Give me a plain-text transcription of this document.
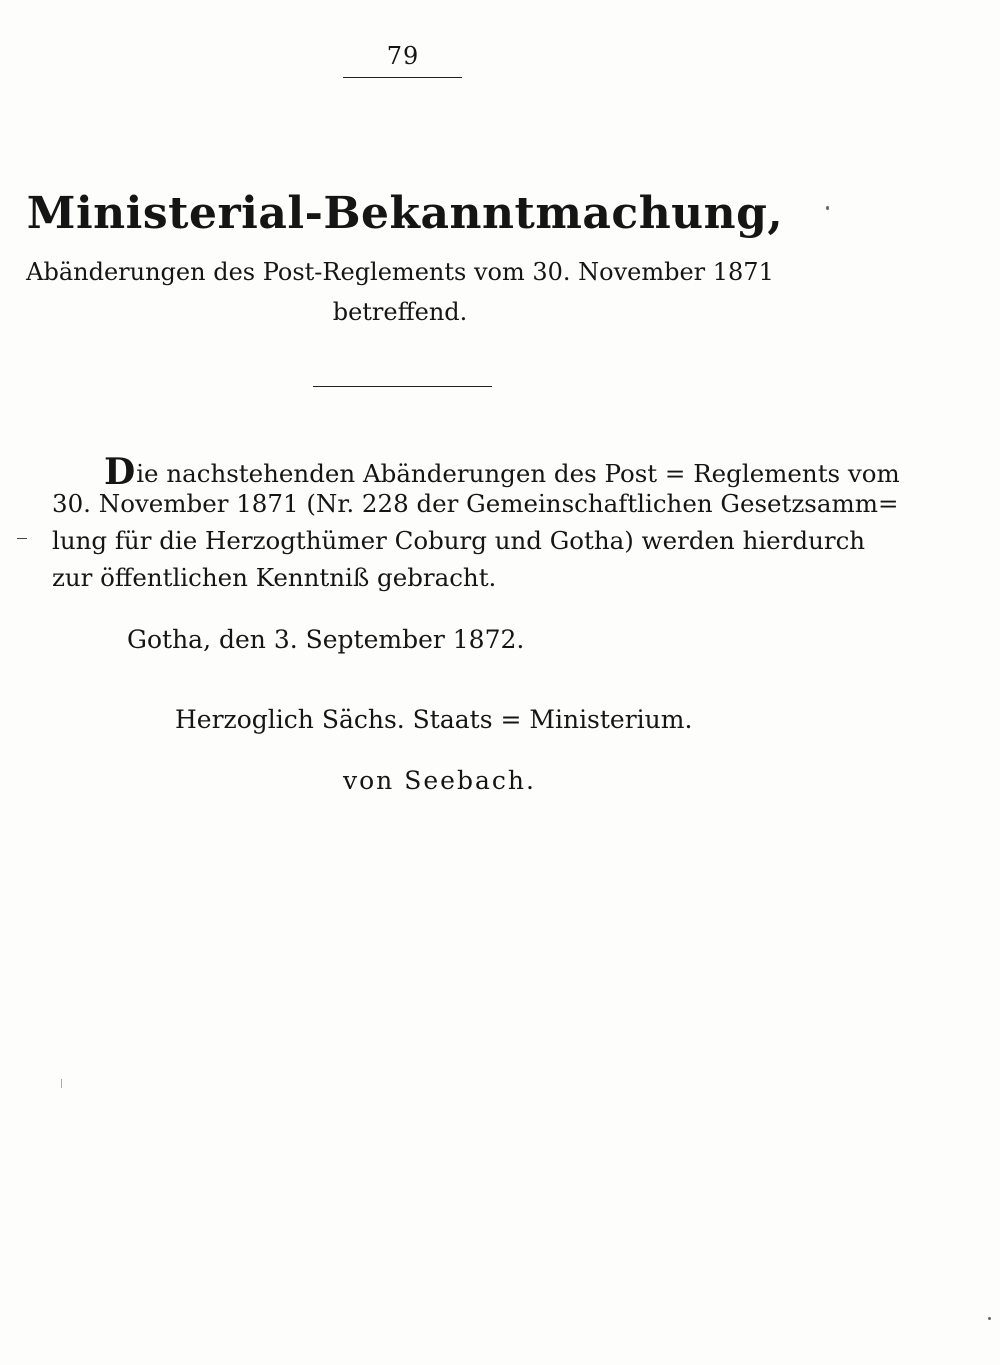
79
Ministerial-Bekanntmachung,
Abänderungen des Post-Reglements vom 30. November 1871
betreffend.
Die nachstehenden Abänderungen des Post = Reglements vom
30. November 1871 (Nr. 228 der Gemeinschaftlichen Gesetzsamm=
lung für die Herzogthümer Coburg und Gotha) werden hierdurch
zur öffentlichen Kenntniß gebracht.
Gotha, den 3. September 1872.
Herzoglich Sächs. Staats = Ministerium.
von Seebach.
